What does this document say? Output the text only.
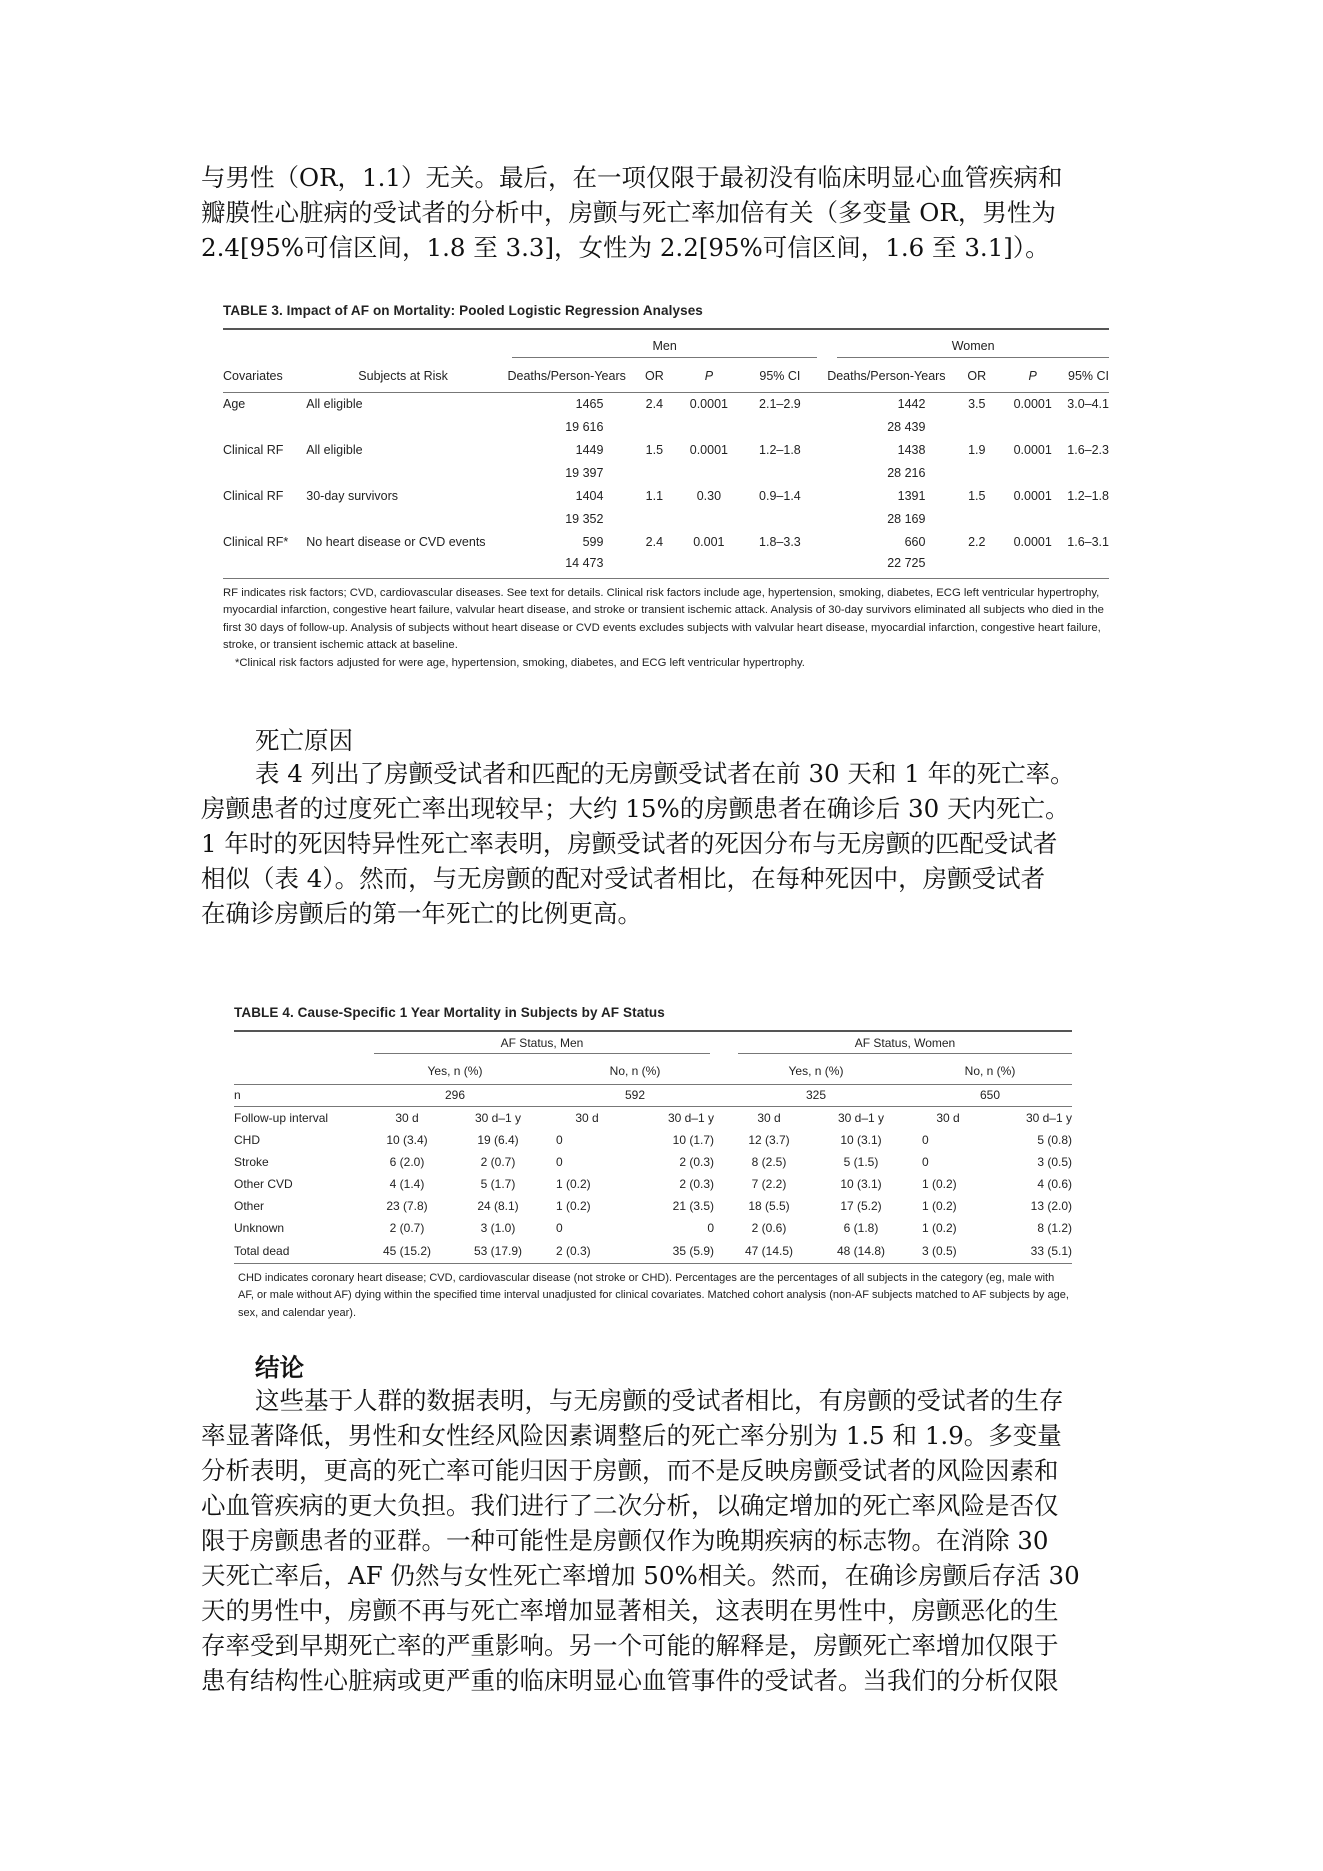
与男性（OR，1.1）无关。最后，在一项仅限于最初没有临床明显心血管疾病和
瓣膜性心脏病的受试者的分析中，房颤与死亡率加倍有关（多变量 OR，男性为
2.4[95%可信区间，1.8 至 3.3]，女性为 2.2[95%可信区间，1.6 至 3.1]）。

TABLE 3. Impact of AF on Mortality: Pooled Logistic Regression Analyses

		Men				Women			

Covariates	Subjects at Risk	Deaths/Person-Years	OR	P	95% CI	Deaths/Person-Years	OR	P	95% CI
Age	All eligible	1465	2.4	0.0001	2.1–2.9	1442	3.5	0.0001	3.0–4.1
		19 616				28 439			
Clinical RF	All eligible	1449	1.5	0.0001	1.2–1.8	1438	1.9	0.0001	1.6–2.3
		19 397				28 216			
Clinical RF	30-day survivors	1404	1.1	0.30	0.9–1.4	1391	1.5	0.0001	1.2–1.8
		19 352				28 169			
Clinical RF*	No heart disease or CVD events	599	2.4	0.001	1.8–3.3	660	2.2	0.0001	1.6–3.1
		14 473				22 725			

RF indicates risk factors; CVD, cardiovascular diseases. See text for details. Clinical risk factors include age, hypertension, smoking, diabetes, ECG left ventricular hypertrophy, myocardial infarction, congestive heart failure, valvular heart disease, and stroke or transient ischemic attack. Analysis of 30-day survivors eliminated all subjects who died in the first 30 days of follow-up. Analysis of subjects without heart disease or CVD events excludes subjects with valvular heart disease, myocardial infarction, congestive heart failure, stroke, or transient ischemic attack at baseline.

*Clinical risk factors adjusted for were age, hypertension, smoking, diabetes, and ECG left ventricular hypertrophy.

死亡原因
表 4 列出了房颤受试者和匹配的无房颤受试者在前 30 天和 1 年的死亡率。
房颤患者的过度死亡率出现较早；大约 15%的房颤患者在确诊后 30 天内死亡。
1 年时的死因特异性死亡率表明，房颤受试者的死因分布与无房颤的匹配受试者
相似（表 4）。然而，与无房颤的配对受试者相比，在每种死因中，房颤受试者
在确诊房颤后的第一年死亡的比例更高。

TABLE 4. Cause-Specific 1 Year Mortality in Subjects by AF Status

	AF Status, Men				AF Status, Women			

	Yes, n (%)		No, n (%)		Yes, n (%)		No, n (%)	
n	296		592		325		650	
Follow-up interval	30 d	30 d–1 y	30 d	30 d–1 y	30 d	30 d–1 y	30 d	30 d–1 y
CHD	10 (3.4)	19 (6.4)	0	10 (1.7)	12 (3.7)	10 (3.1)	0	5 (0.8)
Stroke	6 (2.0)	2 (0.7)	0	2 (0.3)	8 (2.5)	5 (1.5)	0	3 (0.5)
Other CVD	4 (1.4)	5 (1.7)	1 (0.2)	2 (0.3)	7 (2.2)	10 (3.1)	1 (0.2)	4 (0.6)
Other	23 (7.8)	24 (8.1)	1 (0.2)	21 (3.5)	18 (5.5)	17 (5.2)	1 (0.2)	13 (2.0)
Unknown	2 (0.7)	3 (1.0)	0	0	2 (0.6)	6 (1.8)	1 (0.2)	8 (1.2)
Total dead	45 (15.2)	53 (17.9)	2 (0.3)	35 (5.9)	47 (14.5)	48 (14.8)	3 (0.5)	33 (5.1)

CHD indicates coronary heart disease; CVD, cardiovascular disease (not stroke or CHD). Percentages are the percentages of all subjects in the category (eg, male with AF, or male without AF) dying within the specified time interval unadjusted for clinical covariates. Matched cohort analysis (non-AF subjects matched to AF subjects by age, sex, and calendar year).

结论
这些基于人群的数据表明，与无房颤的受试者相比，有房颤的受试者的生存
率显著降低，男性和女性经风险因素调整后的死亡率分别为 1.5 和 1.9。多变量
分析表明，更高的死亡率可能归因于房颤，而不是反映房颤受试者的风险因素和
心血管疾病的更大负担。我们进行了二次分析，以确定增加的死亡率风险是否仅
限于房颤患者的亚群。一种可能性是房颤仅作为晚期疾病的标志物。在消除 30
天死亡率后，AF 仍然与女性死亡率增加 50%相关。然而，在确诊房颤后存活 30
天的男性中，房颤不再与死亡率增加显著相关，这表明在男性中，房颤恶化的生
存率受到早期死亡率的严重影响。另一个可能的解释是，房颤死亡率增加仅限于
患有结构性心脏病或更严重的临床明显心血管事件的受试者。当我们的分析仅限
